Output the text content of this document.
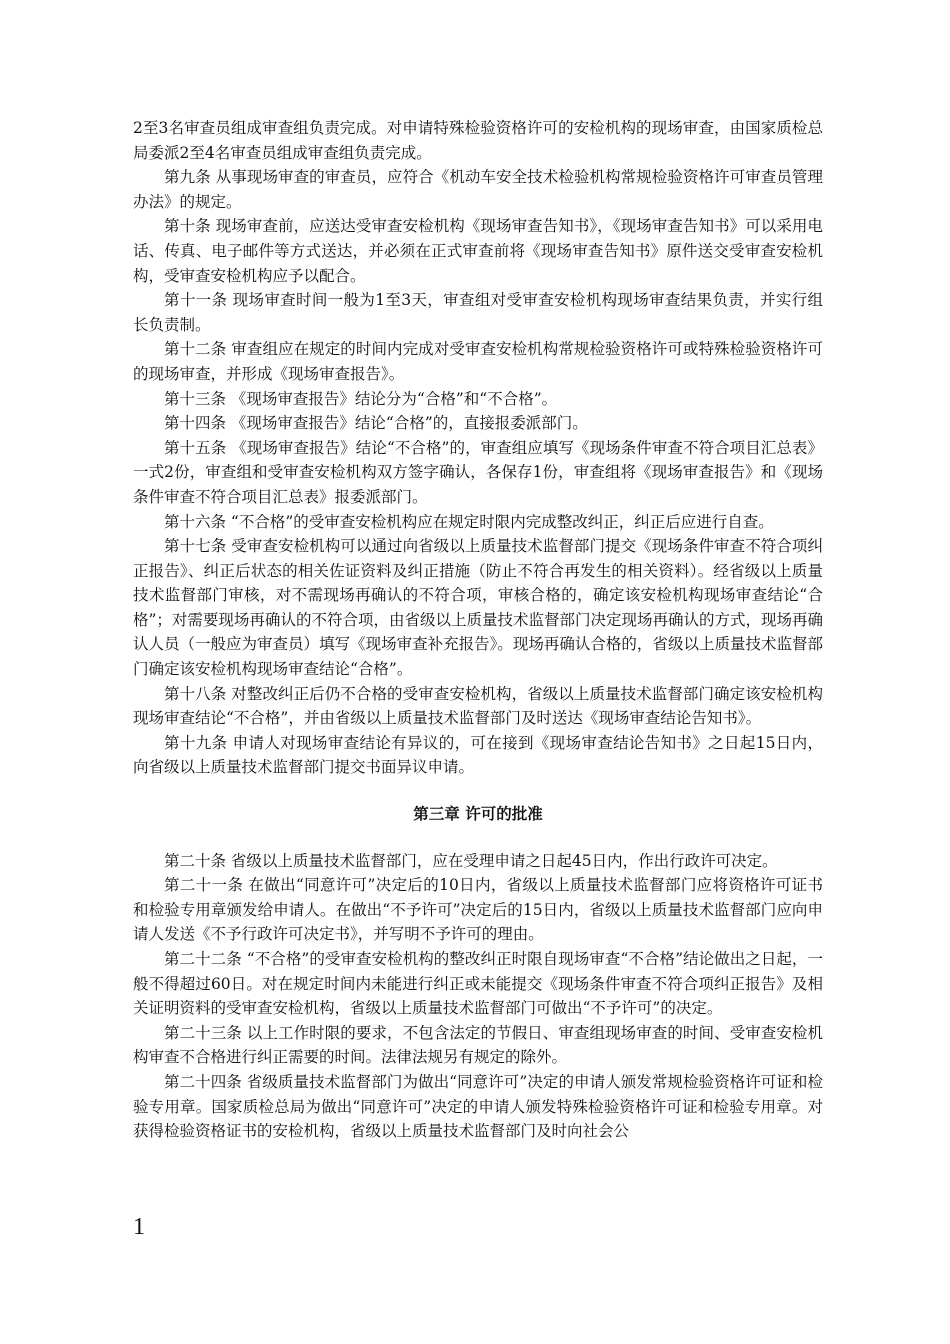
2至3名审查员组成审查组负责完成。对申请特殊检验资格许可的安检机构的现场审查，由国家质检总局委派2至4名审查员组成审查组负责完成。

第九条 从事现场审查的审查员，应符合《机动车安全技术检验机构常规检验资格许可审查员管理办法》的规定。

第十条 现场审查前，应送达受审查安检机构《现场审查告知书》，《现场审查告知书》可以采用电话、传真、电子邮件等方式送达，并必须在正式审查前将《现场审查告知书》原件送交受审查安检机构，受审查安检机构应予以配合。

第十一条 现场审查时间一般为1至3天，审查组对受审查安检机构现场审查结果负责，并实行组长负责制。

第十二条 审查组应在规定的时间内完成对受审查安检机构常规检验资格许可或特殊检验资格许可的现场审查，并形成《现场审查报告》。

第十三条 《现场审查报告》结论分为“合格”和“不合格”。

第十四条 《现场审查报告》结论“合格”的，直接报委派部门。

第十五条 《现场审查报告》结论“不合格”的，审查组应填写《现场条件审查不符合项目汇总表》一式2份，审查组和受审查安检机构双方签字确认，各保存1份，审查组将《现场审查报告》和《现场条件审查不符合项目汇总表》报委派部门。

第十六条 “不合格”的受审查安检机构应在规定时限内完成整改纠正，纠正后应进行自查。

第十七条 受审查安检机构可以通过向省级以上质量技术监督部门提交《现场条件审查不符合项纠正报告》、纠正后状态的相关佐证资料及纠正措施（防止不符合再发生的相关资料）。经省级以上质量技术监督部门审核，对不需现场再确认的不符合项，审核合格的，确定该安检机构现场审查结论“合格”；对需要现场再确认的不符合项，由省级以上质量技术监督部门决定现场再确认的方式，现场再确认人员（一般应为审查员）填写《现场审查补充报告》。现场再确认合格的，省级以上质量技术监督部门确定该安检机构现场审查结论“合格”。

第十八条 对整改纠正后仍不合格的受审查安检机构，省级以上质量技术监督部门确定该安检机构现场审查结论“不合格”，并由省级以上质量技术监督部门及时送达《现场审查结论告知书》。

第十九条 申请人对现场审查结论有异议的，可在接到《现场审查结论告知书》之日起15日内，向省级以上质量技术监督部门提交书面异议申请。

第三章 许可的批准

第二十条 省级以上质量技术监督部门，应在受理申请之日起45日内，作出行政许可决定。

第二十一条 在做出“同意许可”决定后的10日内，省级以上质量技术监督部门应将资格许可证书和检验专用章颁发给申请人。在做出“不予许可”决定后的15日内，省级以上质量技术监督部门应向申请人发送《不予行政许可决定书》，并写明不予许可的理由。

第二十二条 “不合格”的受审查安检机构的整改纠正时限自现场审查“不合格”结论做出之日起，一般不得超过60日。对在规定时间内未能进行纠正或未能提交《现场条件审查不符合项纠正报告》及相关证明资料的受审查安检机构，省级以上质量技术监督部门可做出“不予许可”的决定。

第二十三条 以上工作时限的要求，不包含法定的节假日、审查组现场审查的时间、受审查安检机构审查不合格进行纠正需要的时间。法律法规另有规定的除外。

第二十四条 省级质量技术监督部门为做出“同意许可”决定的申请人颁发常规检验资格许可证和检验专用章。国家质检总局为做出“同意许可”决定的申请人颁发特殊检验资格许可证和检验专用章。对获得检验资格证书的安检机构，省级以上质量技术监督部门及时向社会公

1
